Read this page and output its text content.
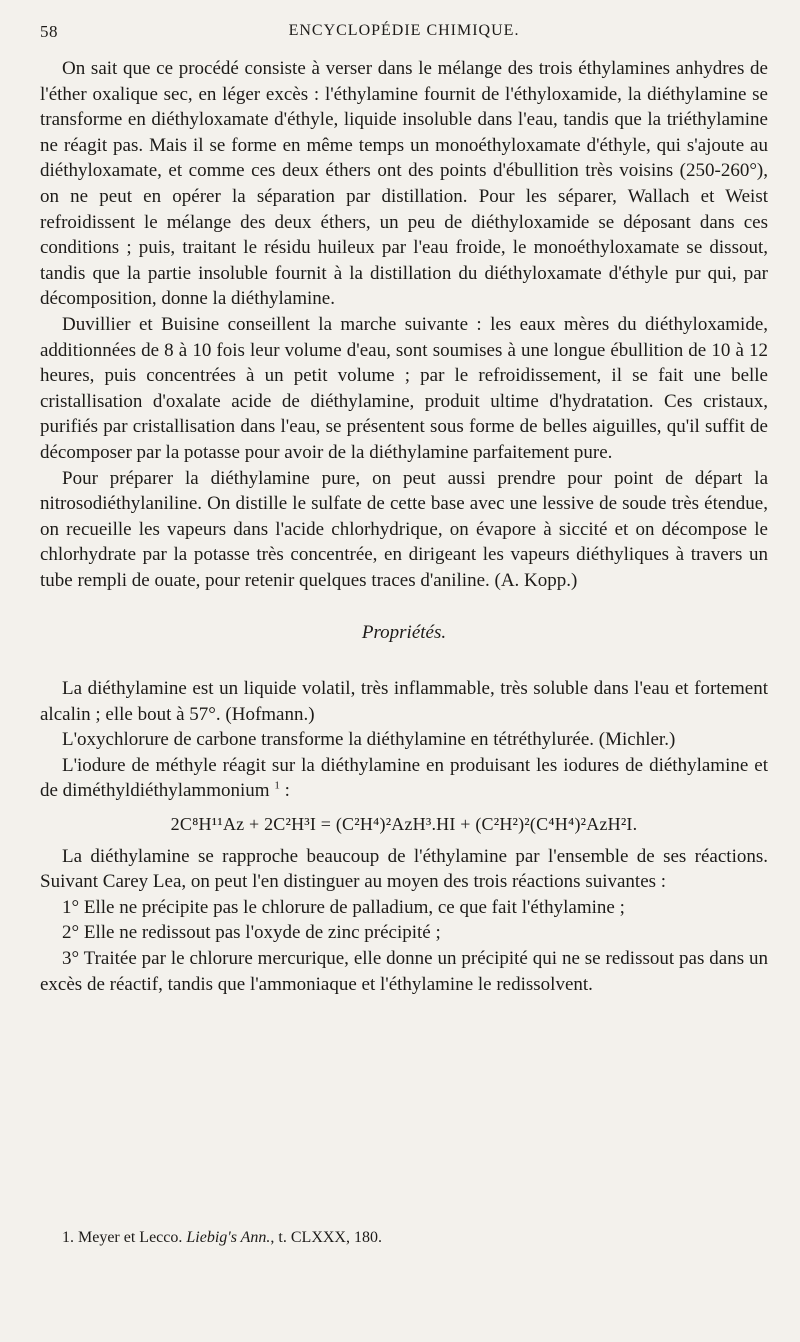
58	ENCYCLOPÉDIE CHIMIQUE.

On sait que ce procédé consiste à verser dans le mélange des trois éthylamines anhydres de l'éther oxalique sec, en léger excès : l'éthylamine fournit de l'éthyloxamide, la diéthylamine se transforme en diéthyloxamate d'éthyle, liquide insoluble dans l'eau, tandis que la triéthylamine ne réagit pas. Mais il se forme en même temps un monoéthyloxamate d'éthyle, qui s'ajoute au diéthyloxamate, et comme ces deux éthers ont des points d'ébullition très voisins (250-260°), on ne peut en opérer la séparation par distillation. Pour les séparer, Wallach et Weist refroidissent le mélange des deux éthers, un peu de diéthyloxamide se déposant dans ces conditions ; puis, traitant le résidu huileux par l'eau froide, le monoéthyloxamate se dissout, tandis que la partie insoluble fournit à la distillation du diéthyloxamate d'éthyle pur qui, par décomposition, donne la diéthylamine.

Duvillier et Buisine conseillent la marche suivante : les eaux mères du diéthyloxamide, additionnées de 8 à 10 fois leur volume d'eau, sont soumises à une longue ébullition de 10 à 12 heures, puis concentrées à un petit volume ; par le refroidissement, il se fait une belle cristallisation d'oxalate acide de diéthylamine, produit ultime d'hydratation. Ces cristaux, purifiés par cristallisation dans l'eau, se présentent sous forme de belles aiguilles, qu'il suffit de décomposer par la potasse pour avoir de la diéthylamine parfaitement pure.

Pour préparer la diéthylamine pure, on peut aussi prendre pour point de départ la nitrosodiéthylaniline. On distille le sulfate de cette base avec une lessive de soude très étendue, on recueille les vapeurs dans l'acide chlorhydrique, on évapore à siccité et on décompose le chlorhydrate par la potasse très concentrée, en dirigeant les vapeurs diéthyliques à travers un tube rempli de ouate, pour retenir quelques traces d'aniline. (A. Kopp.)

Propriétés.

La diéthylamine est un liquide volatil, très inflammable, très soluble dans l'eau et fortement alcalin ; elle bout à 57°. (Hofmann.)

L'oxychlorure de carbone transforme la diéthylamine en tétréthylurée. (Michler.)

L'iodure de méthyle réagit sur la diéthylamine en produisant les iodures de diéthylamine et de diméthyldiéthylammonium $^1$ :

2C⁸H¹¹Az + 2C²H³I = (C²H⁴)²AzH³.HI + (C²H²)²(C⁴H⁴)²AzH²I.

La diéthylamine se rapproche beaucoup de l'éthylamine par l'ensemble de ses réactions. Suivant Carey Lea, on peut l'en distinguer au moyen des trois réactions suivantes :

1° Elle ne précipite pas le chlorure de palladium, ce que fait l'éthylamine ;

2° Elle ne redissout pas l'oxyde de zinc précipité ;

3° Traitée par le chlorure mercurique, elle donne un précipité qui ne se redissout pas dans un excès de réactif, tandis que l'ammoniaque et l'éthylamine le redissolvent.

1. Meyer et Lecco. Liebig's Ann., t. CLXXX, 180.
